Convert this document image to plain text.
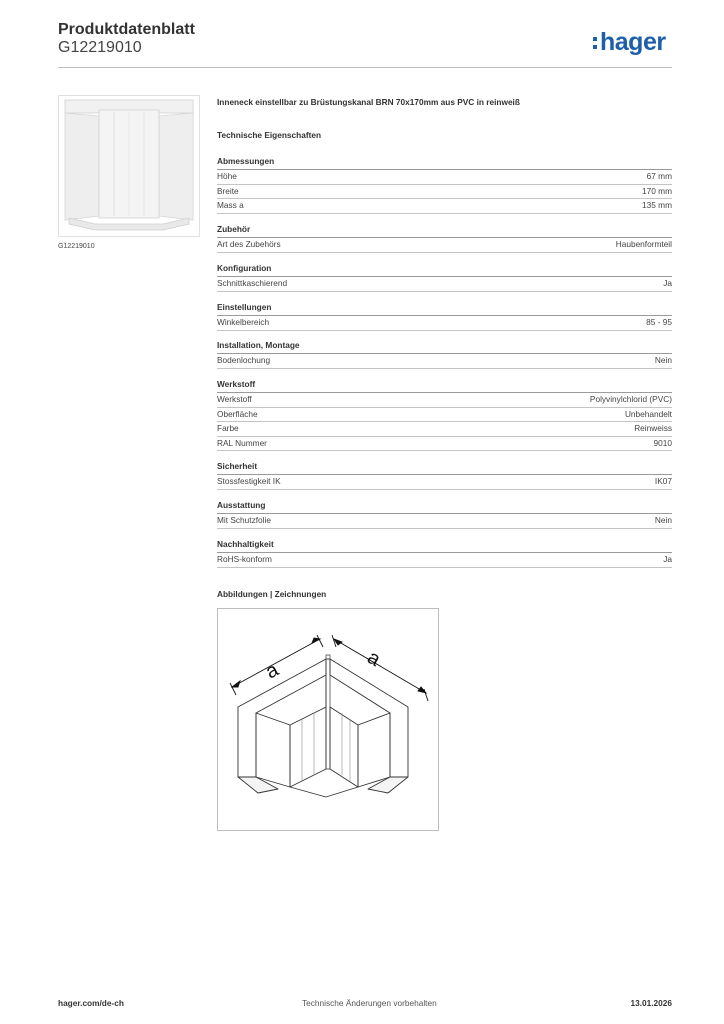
Produktdatenblatt
G12219010	hager
G12219010
Inneneck einstellbar zu Brüstungskanal BRN 70x170mm aus PVC in reinweiß
Technische Eigenschaften
Abmessungen
Höhe	67 mm
Breite	170 mm
Mass a	135 mm
Zubehör
Art des Zubehörs	Haubenformteil
Konfiguration
Schnittkaschierend	Ja
Einstellungen
Winkelbereich	85 - 95
Installation, Montage
Bodenlochung	Nein
Werkstoff
Werkstoff	Polyvinylchlorid (PVC)
Oberfläche	Unbehandelt
Farbe	Reinweiss
RAL Nummer	9010
Sicherheit
Stossfestigkeit IK	IK07
Ausstattung
Mit Schutzfolie	Nein
Nachhaltigkeit
RoHS-konform	Ja
Abbildungen | Zeichnungen
a
a
hager.com/de-ch	Technische Änderungen vorbehalten	13.01.2026
